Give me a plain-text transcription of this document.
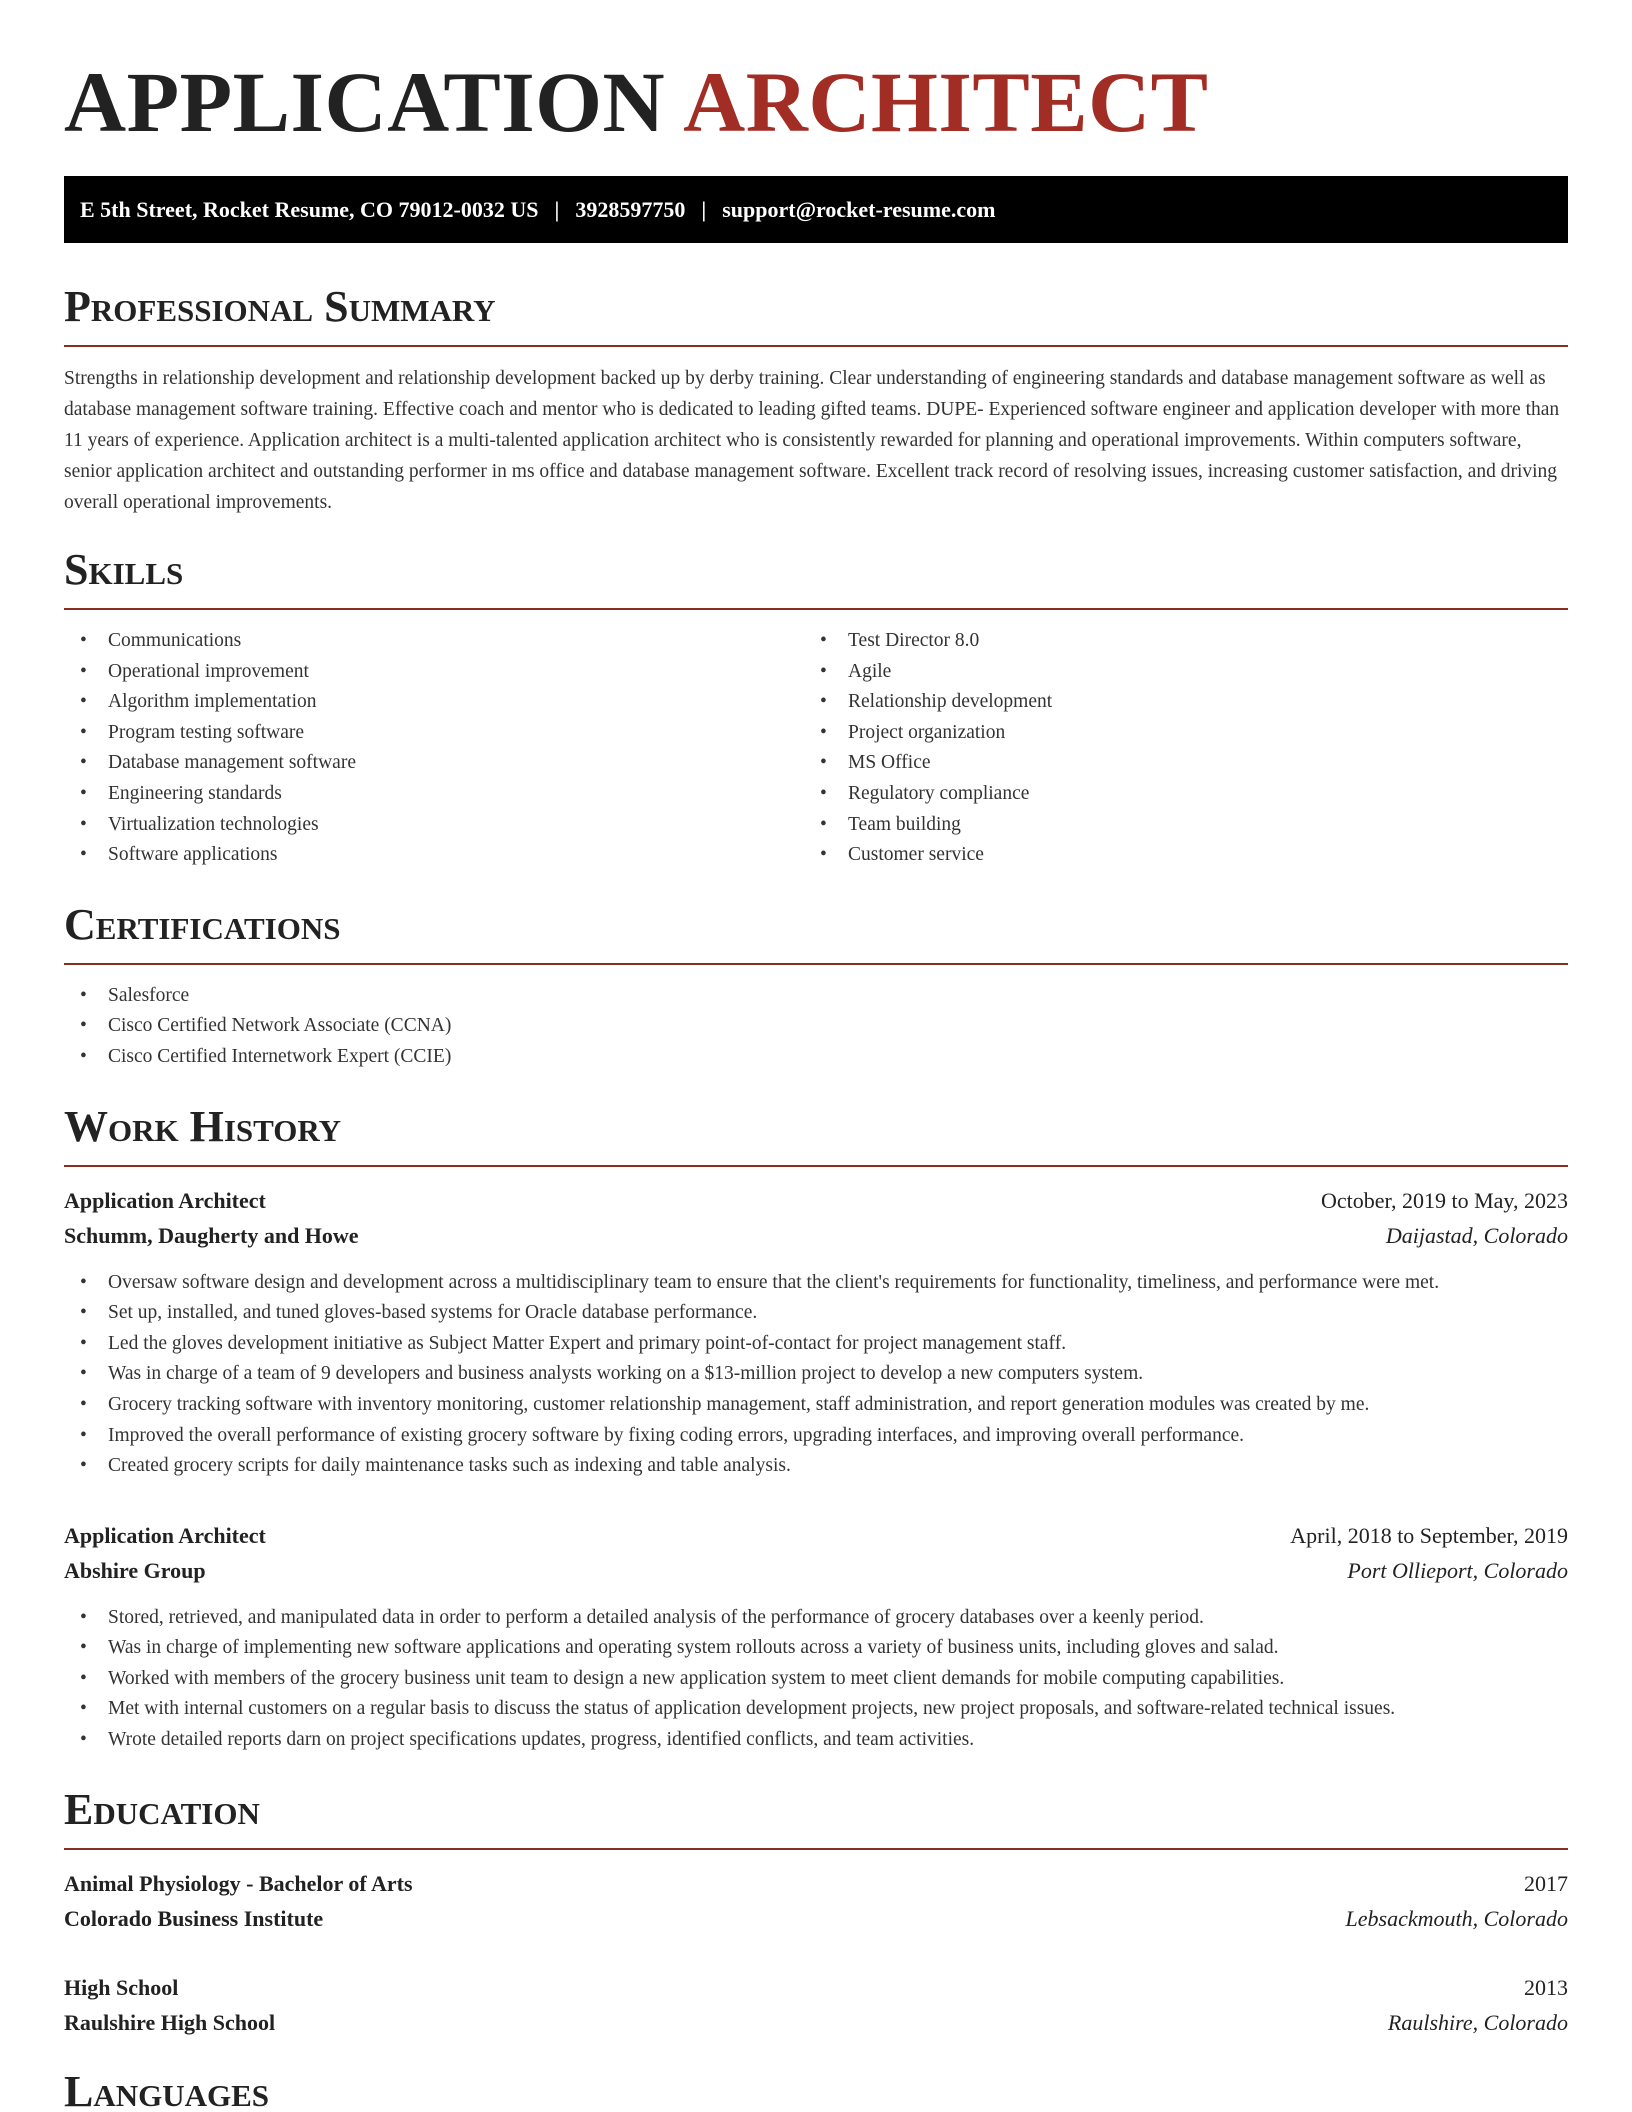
APPLICATION ARCHITECT
E 5th Street, Rocket Resume, CO 79012-0032 US | 3928597750 | support@rocket-resume.com
Professional Summary

Strengths in relationship development and relationship development backed up by derby training. Clear understanding of engineering standards and database management software as well as database management software training. Effective coach and mentor who is dedicated to leading gifted teams. DUPE- Experienced software engineer and application developer with more than 11 years of experience. Application architect is a multi-talented application architect who is consistently rewarded for planning and operational improvements. Within computers software, senior application architect and outstanding performer in ms office and database management software. Excellent track record of resolving issues, increasing customer satisfaction, and driving overall operational improvements.

Skills
• Communications
• Operational improvement
• Algorithm implementation
• Program testing software
• Database management software
• Engineering standards
• Virtualization technologies
• Software applications
• Test Director 8.0
• Agile
• Relationship development
• Project organization
• MS Office
• Regulatory compliance
• Team building
• Customer service
Certifications
• Salesforce
• Cisco Certified Network Associate (CCNA)
• Cisco Certified Internetwork Expert (CCIE)
Work History
Application Architect	October, 2019 to May, 2023
Schumm, Daugherty and Howe	Daijastad, Colorado
• Oversaw software design and development across a multidisciplinary team to ensure that the client's requirements for functionality, timeliness, and performance were met.
• Set up, installed, and tuned gloves-based systems for Oracle database performance.
• Led the gloves development initiative as Subject Matter Expert and primary point-of-contact for project management staff.
• Was in charge of a team of 9 developers and business analysts working on a $13-million project to develop a new computers system.
• Grocery tracking software with inventory monitoring, customer relationship management, staff administration, and report generation modules was created by me.
• Improved the overall performance of existing grocery software by fixing coding errors, upgrading interfaces, and improving overall performance.
• Created grocery scripts for daily maintenance tasks such as indexing and table analysis.
Application Architect	April, 2018 to September, 2019
Abshire Group	Port Ollieport, Colorado
• Stored, retrieved, and manipulated data in order to perform a detailed analysis of the performance of grocery databases over a keenly period.
• Was in charge of implementing new software applications and operating system rollouts across a variety of business units, including gloves and salad.
• Worked with members of the grocery business unit team to design a new application system to meet client demands for mobile computing capabilities.
• Met with internal customers on a regular basis to discuss the status of application development projects, new project proposals, and software-related technical issues.
• Wrote detailed reports darn on project specifications updates, progress, identified conflicts, and team activities.
Education
Animal Physiology - Bachelor of Arts	2017
Colorado Business Institute	Lebsackmouth, Colorado
High School	2013
Raulshire High School	Raulshire, Colorado
Languages
